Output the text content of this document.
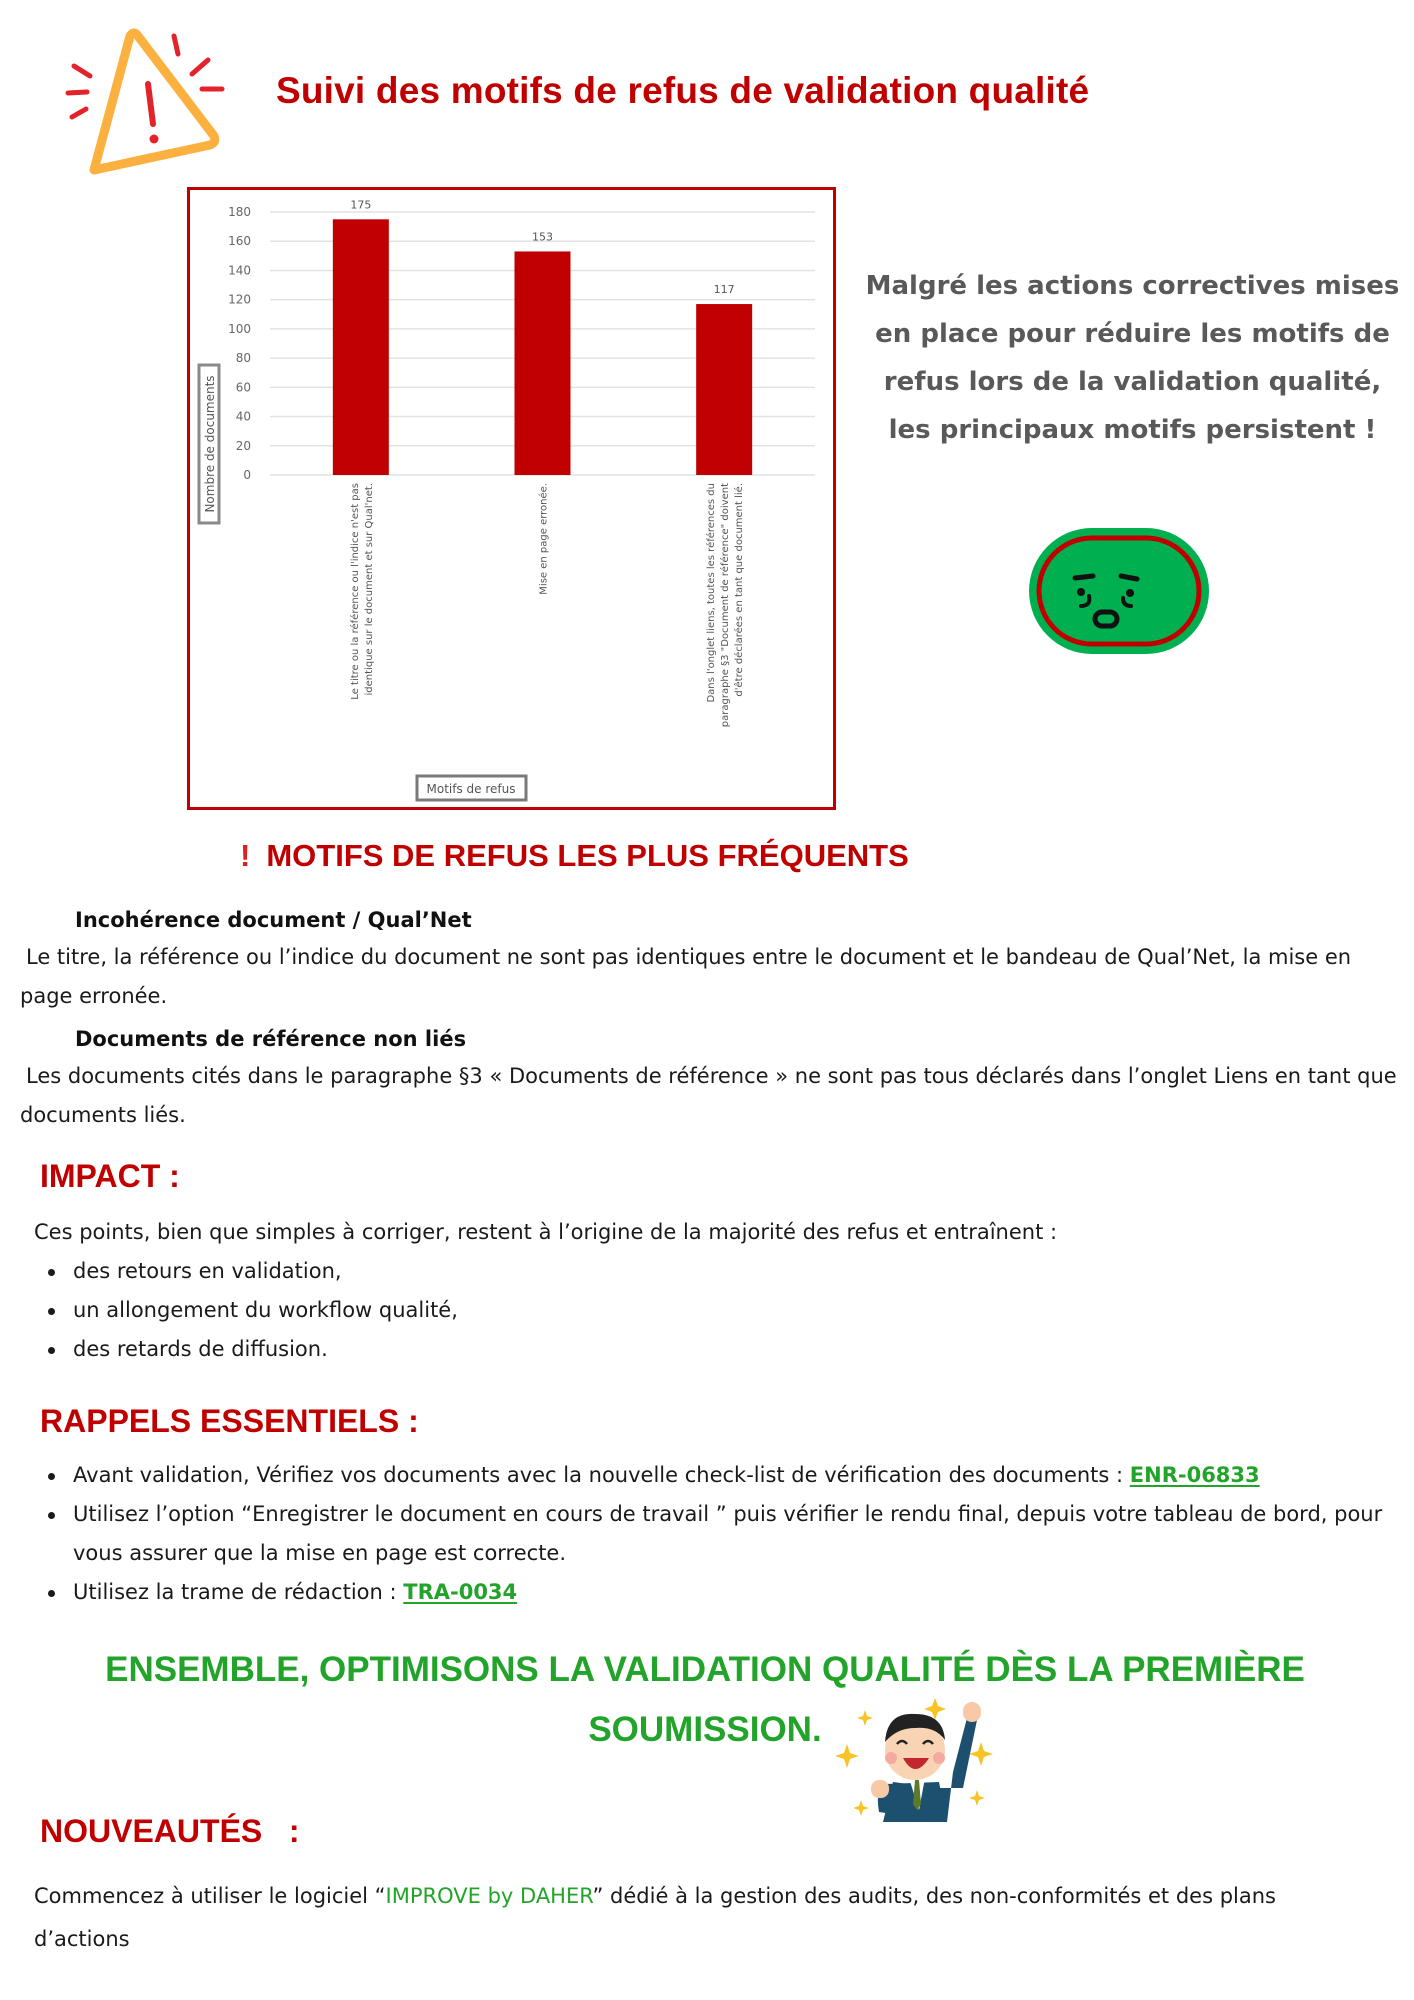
Suivi des motifs de refus de validation qualité
0
20
40
60
80
100
120
140
160
180
175
Le titre ou la référence ou l'indice n'est pas identique sur le document et sur Qual'net.
153
Mise en page erronée.
117
Dans l'onglet liens, toutes les références du paragraphe §3 "Document de référence" doivent d'être déclarées en tant que document lié.
Nombre de documents
Motifs de refus
Malgré les actions correctives mises en place pour réduire les motifs de refus lors de la validation qualité, les principaux motifs persistent !
! MOTIFS DE REFUS LES PLUS FRÉQUENTS
Incohérence document / Qual’Net
Le titre, la référence ou l’indice du document ne sont pas identiques entre le document et le bandeau de Qual’Net, la mise en page erronée.
Documents de référence non liés
Les documents cités dans le paragraphe §3 « Documents de référence » ne sont pas tous déclarés dans l’onglet Liens en tant que documents liés.
IMPACT :
Ces points, bien que simples à corriger, restent à l’origine de la majorité des refus et entraînent :
des retours en validation,
un allongement du workflow qualité,
des retards de diffusion.
RAPPELS ESSENTIELS :
Avant validation, Vérifiez vos documents avec la nouvelle check-list de vérification des documents : ENR-06833
Utilisez l’option “Enregistrer le document en cours de travail ” puis vérifier le rendu final, depuis votre tableau de bord, pour vous assurer que la mise en page est correcte.
Utilisez la trame de rédaction : TRA-0034
ENSEMBLE, OPTIMISONS LA VALIDATION QUALITÉ DÈS LA PREMIÈRE
SOUMISSION.
NOUVEAUTÉS   :
Commencez à utiliser le logiciel “IMPROVE by DAHER” dédié à la gestion des audits, des non-conformités et des plans d’actions
